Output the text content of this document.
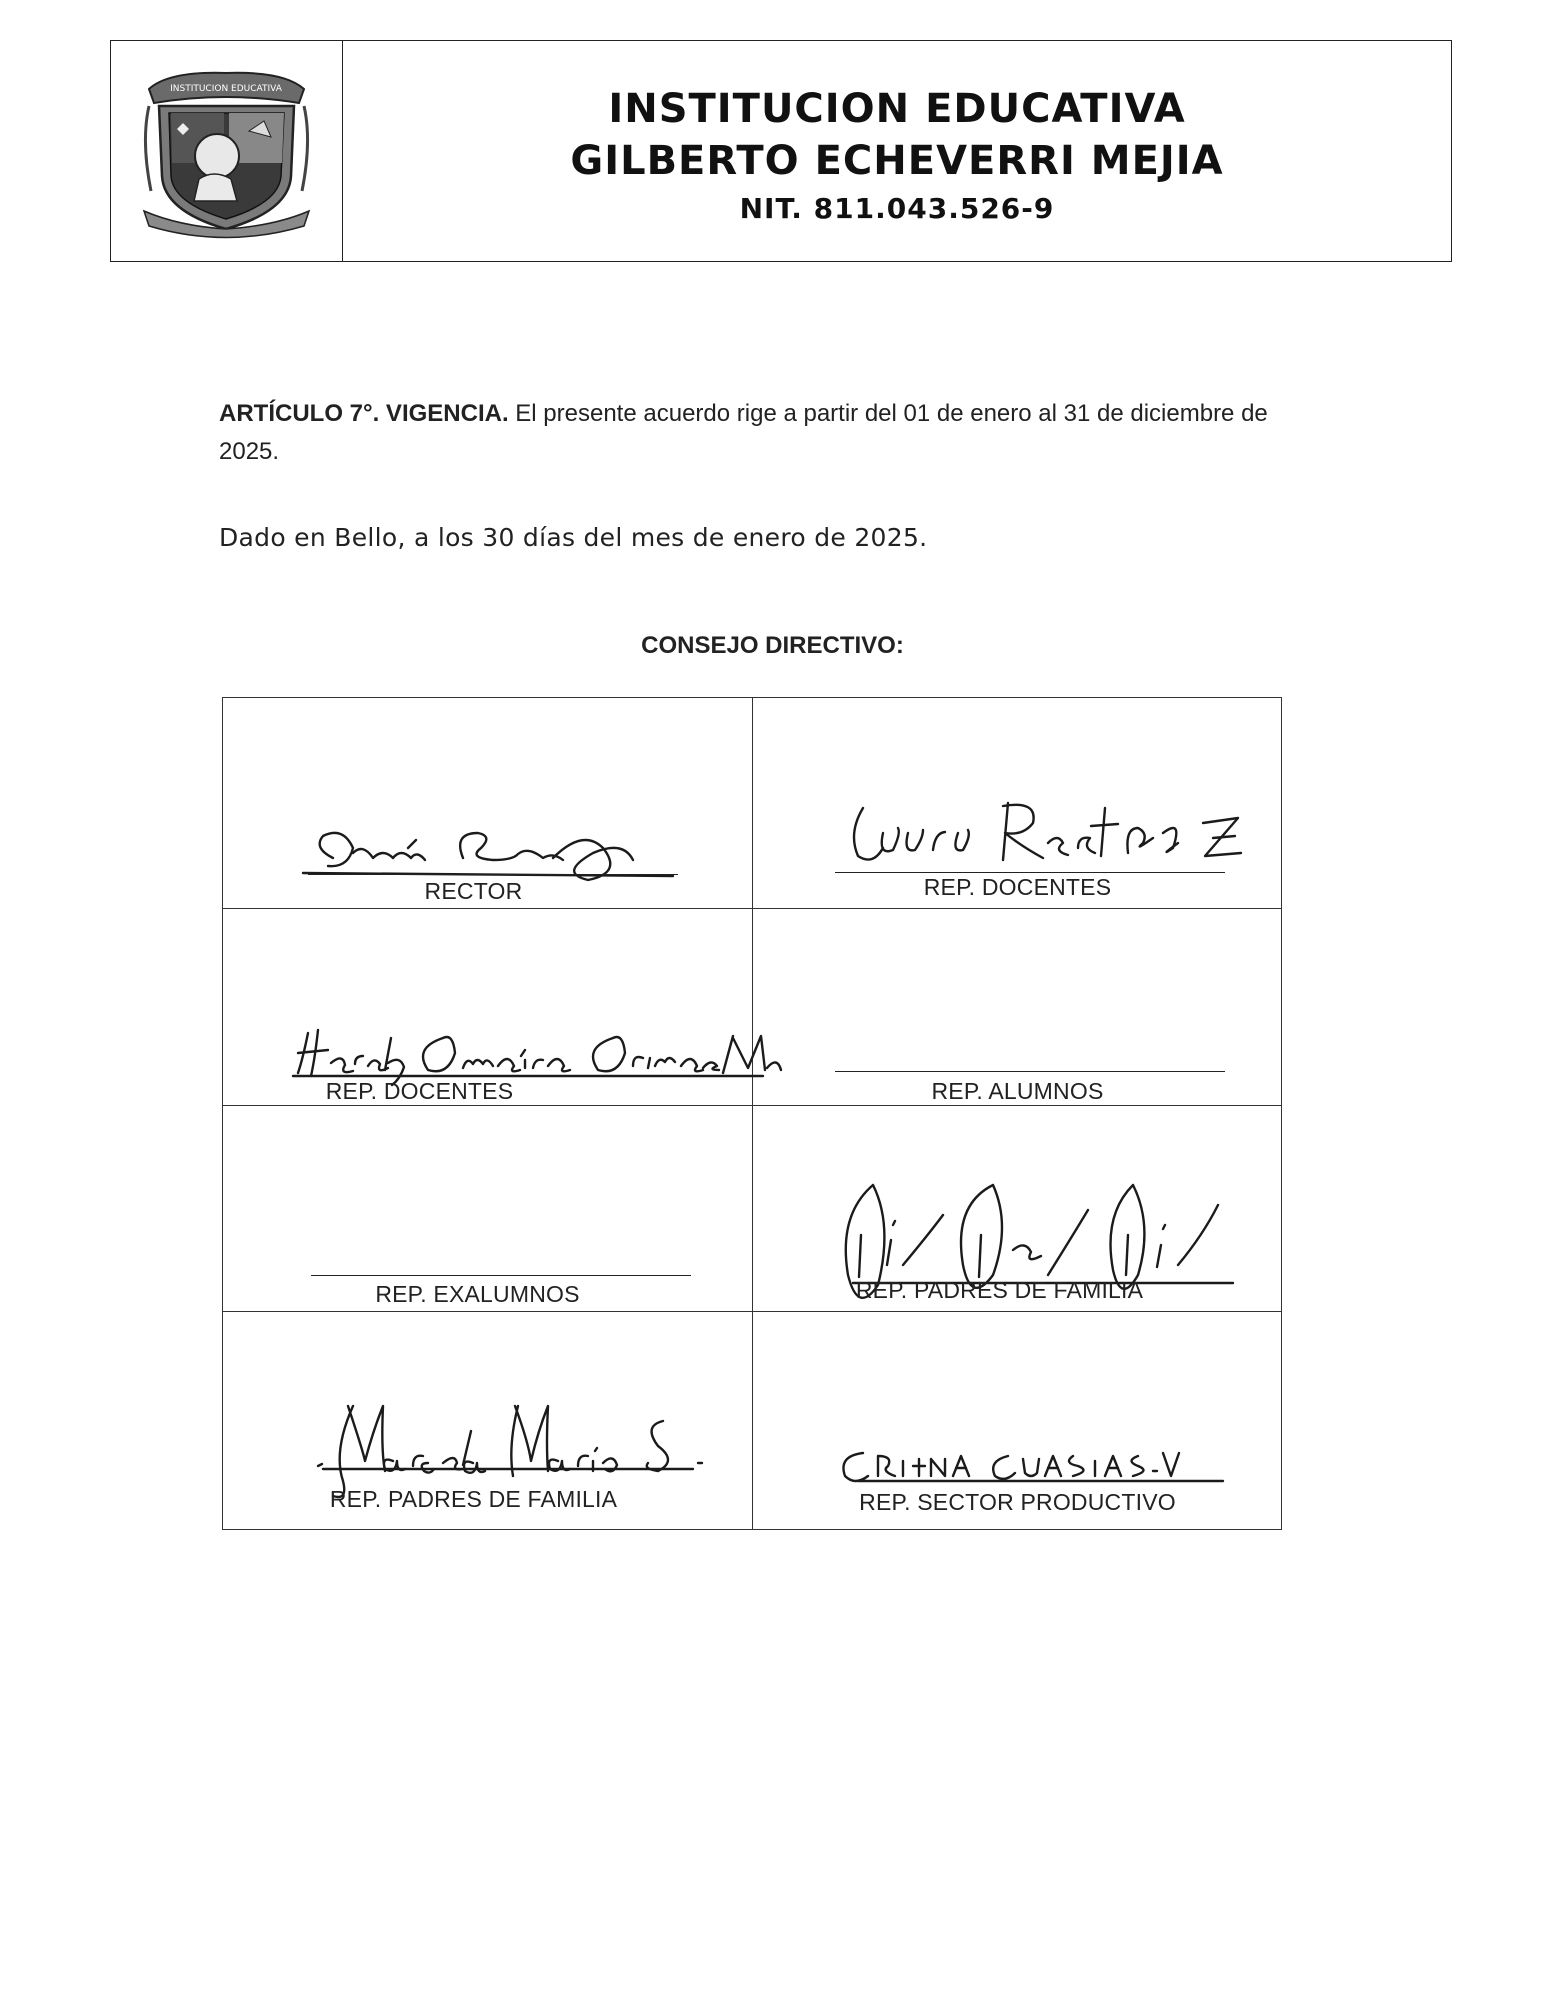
INSTITUCION EDUCATIVA	INSTITUCION EDUCATIVA
GILBERTO ECHEVERRI MEJIA
NIT. 811.043.526-9
ARTÍCULO 7°. VIGENCIA. El presente acuerdo rige a partir del 01 de enero al 31 de diciembre de 2025.
Dado en Bello, a los 30 días del mes de enero de 2025.
CONSEJO DIRECTIVO:
RECTOR	REP. DOCENTES
REP. DOCENTES	REP. ALUMNOS
REP. EXALUMNOS	REP. PADRES DE FAMILIA
REP. PADRES DE FAMILIA	REP. SECTOR PRODUCTIVO
